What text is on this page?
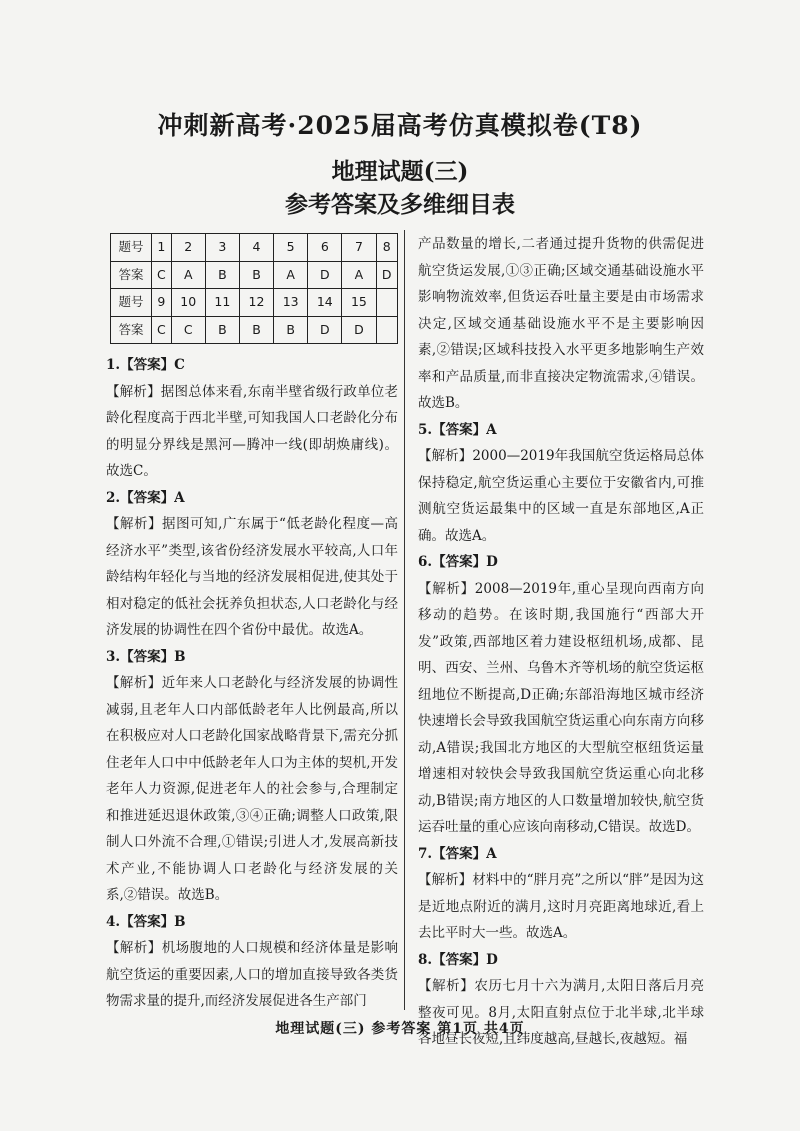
冲刺新高考·2025届高考仿真模拟卷(T8)
地理试题(三)
参考答案及多维细目表
题号	1	2	3	4	5	6	7	8
答案	C	A	B	B	A	D	A	D
题号	9	10	11	12	13	14	15	
答案	C	C	B	B	B	D	D	

1.【答案】C

【解析】据图总体来看,东南半壁省级行政单位老龄化程度高于西北半壁,可知我国人口老龄化分布的明显分界线是黑河—腾冲一线(即胡焕庸线)。故选C。

2.【答案】A

【解析】据图可知,广东属于“低老龄化程度—高经济水平”类型,该省份经济发展水平较高,人口年龄结构年轻化与当地的经济发展相促进,使其处于相对稳定的低社会抚养负担状态,人口老龄化与经济发展的协调性在四个省份中最优。故选A。

3.【答案】B

【解析】近年来人口老龄化与经济发展的协调性减弱,且老年人口内部低龄老年人比例最高,所以在积极应对人口老龄化国家战略背景下,需充分抓住老年人口中中低龄老年人口为主体的契机,开发老年人力资源,促进老年人的社会参与,合理制定和推进延迟退休政策,③④正确;调整人口政策,限制人口外流不合理,①错误;引进人才,发展高新技术产业,不能协调人口老龄化与经济发展的关系,②错误。故选B。

4.【答案】B

【解析】机场腹地的人口规模和经济体量是影响航空货运的重要因素,人口的增加直接导致各类货物需求量的提升,而经济发展促进各生产部门

产品数量的增长,二者通过提升货物的供需促进航空货运发展,①③正确;区域交通基础设施水平影响物流效率,但货运吞吐量主要是由市场需求决定,区域交通基础设施水平不是主要影响因素,②错误;区域科技投入水平更多地影响生产效率和产品质量,而非直接决定物流需求,④错误。故选B。

5.【答案】A

【解析】2000—2019年我国航空货运格局总体保持稳定,航空货运重心主要位于安徽省内,可推测航空货运最集中的区域一直是东部地区,A正确。故选A。

6.【答案】D

【解析】2008—2019年,重心呈现向西南方向移动的趋势。在该时期,我国施行“西部大开发”政策,西部地区着力建设枢纽机场,成都、昆明、西安、兰州、乌鲁木齐等机场的航空货运枢纽地位不断提高,D正确;东部沿海地区城市经济快速增长会导致我国航空货运重心向东南方向移动,A错误;我国北方地区的大型航空枢纽货运量增速相对较快会导致我国航空货运重心向北移动,B错误;南方地区的人口数量增加较快,航空货运吞吐量的重心应该向南移动,C错误。故选D。

7.【答案】A

【解析】材料中的“胖月亮”之所以“胖”是因为这是近地点附近的满月,这时月亮距离地球近,看上去比平时大一些。故选A。

8.【答案】D

【解析】农历七月十六为满月,太阳日落后月亮整夜可见。8月,太阳直射点位于北半球,北半球各地昼长夜短,且纬度越高,昼越长,夜越短。福

地理试题(三) 参考答案 第1页 共4页
